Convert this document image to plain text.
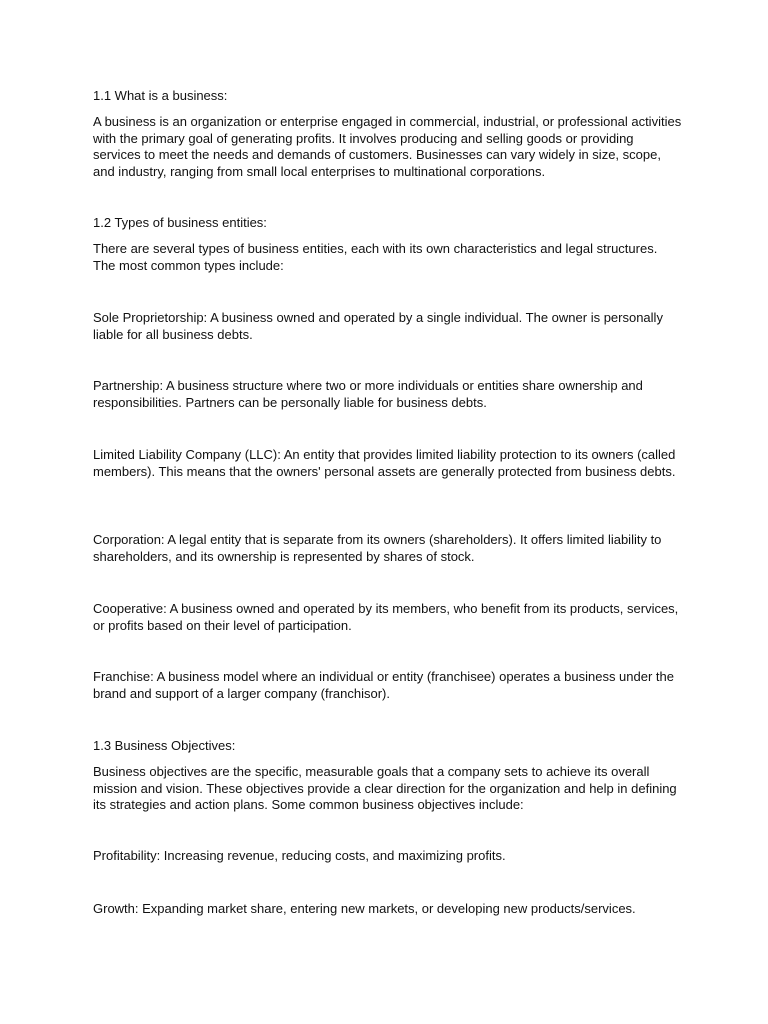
1.1 What is a business:

A business is an organization or enterprise engaged in commercial, industrial, or professional activities with the primary goal of generating profits. It involves producing and selling goods or providing services to meet the needs and demands of customers. Businesses can vary widely in size, scope, and industry, ranging from small local enterprises to multinational corporations.

1.2 Types of business entities:

There are several types of business entities, each with its own characteristics and legal structures. The most common types include:

Sole Proprietorship: A business owned and operated by a single individual. The owner is personally liable for all business debts.

Partnership: A business structure where two or more individuals or entities share ownership and responsibilities. Partners can be personally liable for business debts.

Limited Liability Company (LLC): An entity that provides limited liability protection to its owners (called members). This means that the owners' personal assets are generally protected from business debts.

Corporation: A legal entity that is separate from its owners (shareholders). It offers limited liability to shareholders, and its ownership is represented by shares of stock.

Cooperative: A business owned and operated by its members, who benefit from its products, services, or profits based on their level of participation.

Franchise: A business model where an individual or entity (franchisee) operates a business under the brand and support of a larger company (franchisor).

1.3 Business Objectives:

Business objectives are the specific, measurable goals that a company sets to achieve its overall mission and vision. These objectives provide a clear direction for the organization and help in defining its strategies and action plans. Some common business objectives include:

Profitability: Increasing revenue, reducing costs, and maximizing profits.

Growth: Expanding market share, entering new markets, or developing new products/services.
